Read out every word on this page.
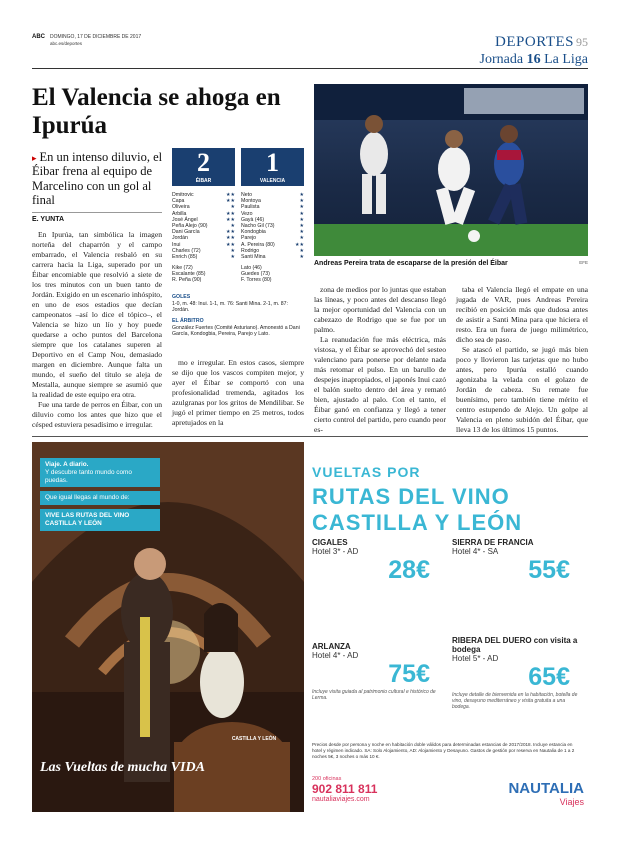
ABC DOMINGO, 17 DE DICIEMBRE DE 2017
abc.es/deportes	DEPORTES 95
Jornada 16 La Liga
El Valencia se ahoga en Ipurúa
▸ En un intenso diluvio, el Éibar frena al equipo de Marcelino con un gol al final
E. YUNTA

En Ipurúa, tan simbólica la imagen norteña del chaparrón y el campo embarrado, el Valencia resbaló en su carrera hacia la Liga, superado por un Éibar encomiable que resolvió a siete de los tres minutos con un buen tanto de Jordán. Exigido en un escenario inhóspito, en uno de esos estadios que decían campeonatos –así lo dice el tópico–, el Valencia se hizo un lío y hoy puede quedarse a ocho puntos del Barcelona siempre que los catalanes superen al Deportivo en el Camp Nou, demasiado margen en diciembre. Aunque falta un mundo, el sueño del título se aleja de Mestalla, aunque siempre se asumió que la realidad de este equipo era otra.

Fue una tarde de perros en Éibar, con un diluvio como los antes que hizo que el césped estuviera pesadísimo e irregular.

2
ÉIBAR
1
VALENCIA
Dmitrovic	★★
Capa	★★
Oliveira	★
Arbilla	★★
José Ángel	★★
Peña Alejo (90)	★
Dani García	★★
Jordán	★★
Inui	★★
Charles (72)	★
Enrich (85)	★
Kike (72)
Escalante (85)
R. Peña (90)
Neto	★
Montoya	★
Paulista	★
Vezo	★
Gayà (46)	★
Nacho Gil (73)	★
Kondogbia	★
Parejo	★
A. Pereira (80)	★★
Rodrigo	★
Santi Mina	★
Lato (46)
Guedes (73)
F. Torres (80)
GOLES
1-0, m. 48: Inui. 1-1, m. 76: Santi Mina. 2-1, m. 87: Jordán.
EL ÁRBITRO
González Fuertes (Comité Asturiano). Amonestó a Dani García, Kondogbia, Pereira, Parejo y Lato.

mo e irregular. En estos casos, siempre se dijo que los vascos compiten mejor, y ayer el Éibar se comportó con una profesionalidad tremenda, agitados los azulgranas por los gritos de Mendilibar. Se jugó el primer tiempo en 25 metros, todos apretujados en la

Andreas Pereira trata de escaparse de la presión del Éibar	EFE

zona de medios por lo juntas que estaban las líneas, y poco antes del descanso llegó la mejor oportunidad del Valencia con un cabezazo de Rodrigo que se fue por un palmo.

La reanudación fue más eléctrica, más vistosa, y el Éibar se aprovechó del sesteo valenciano para ponerse por delante nada más retomar el pulso. En un barullo de despejes inapropiados, el japonés Inui cazó el balón suelto dentro del área y remató bien, ajustado al palo. Con el tanto, el Éibar ganó en confianza y llegó a tener cierto control del partido, pero cuando peor es-

taba el Valencia llegó el empate en una jugada de VAR, pues Andreas Pereira recibió en posición más que dudosa antes de asistir a Santi Mina para que hiciera el resto. Era un fuera de juego milimétrico, dicho sea de paso.

Se atascó el partido, se jugó más bien poco y llovieron las tarjetas que no hubo antes, pero Ipurúa estalló cuando agonizaba la velada con el golazo de Jordán de cabeza. Su remate fue buenísimo, pero también tiene mérito el centro estupendo de Alejo. Un golpe al Valencia en pleno subidón del Éibar, que lleva 13 de los últimos 15 puntos.

Viaje. A diario.
Y descubre tanto mundo como puedas.
Que igual llegas al mundo de:
VIVE LAS RUTAS DEL VINO CASTILLA Y LEÓN
Las Vueltas de mucha VIDA
CASTILLA Y LEÓN
VUELTAS POR
RUTAS DEL VINO CASTILLA Y LEÓN
CIGALES
Hotel 3* - AD
28€
SIERRA DE FRANCIA
Hotel 4* - SA
55€
ARLANZA
Hotel 4* - AD
75€
Incluye visita guiada al patrimonio cultural e histórico de Lerma.
RIBERA DEL DUERO con visita a bodega
Hotel 5* - AD
65€
Incluye detalle de bienvenida en la habitación, botella de vino, desayuno mediterráneo y visita gratuita a una bodega.
Precios desde por persona y noche en habitación doble válidos para determinadas estancias de 2017/2018. Incluye estancia en hotel y régimen indicado. SA: Solo Alojamiento, AD: Alojamiento y Desayuno. Gastos de gestión por reserva en Nautalia de 1 a 2 noches 5€, 3 noches o más 10 €.
200 oficinas
902 811 811
nautaliaviajes.com
NAUTALIA
Viajes
